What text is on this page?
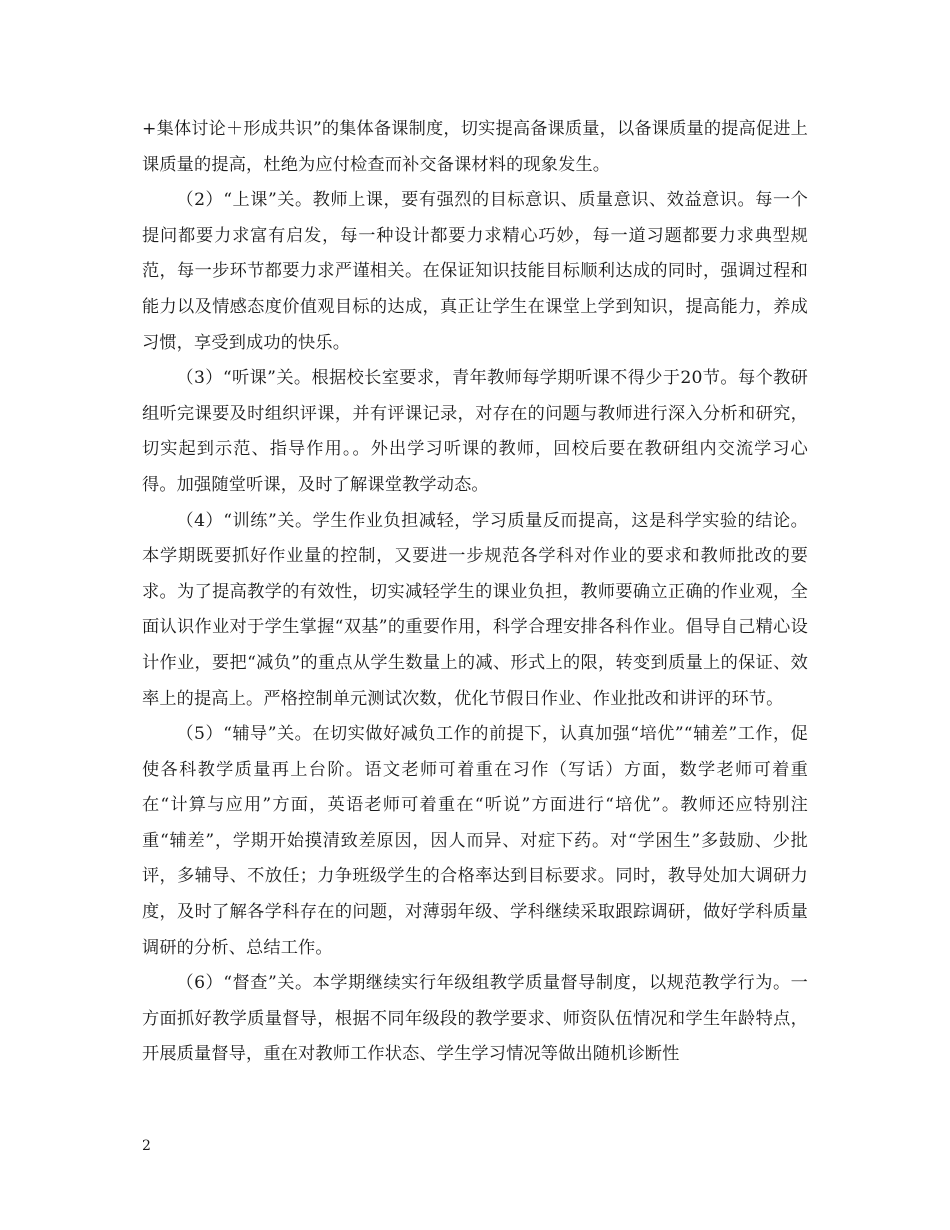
+集体讨论＋形成共识”的集体备课制度，切实提高备课质量，以备课质量的提高促进上课质量的提高，杜绝为应付检查而补交备课材料的现象发生。

（2）“上课”关。教师上课，要有强烈的目标意识、质量意识、效益意识。每一个提问都要力求富有启发，每一种设计都要力求精心巧妙，每一道习题都要力求典型规范，每一步环节都要力求严谨相关。在保证知识技能目标顺利达成的同时，强调过程和能力以及情感态度价值观目标的达成，真正让学生在课堂上学到知识，提高能力，养成习惯，享受到成功的快乐。

（3）“听课”关。根据校长室要求，青年教师每学期听课不得少于20节。每个教研组听完课要及时组织评课，并有评课记录，对存在的问题与教师进行深入分析和研究，切实起到示范、指导作用。。外出学习听课的教师，回校后要在教研组内交流学习心得。加强随堂听课，及时了解课堂教学动态。

（4）“训练”关。学生作业负担减轻，学习质量反而提高，这是科学实验的结论。本学期既要抓好作业量的控制，又要进一步规范各学科对作业的要求和教师批改的要求。为了提高教学的有效性，切实减轻学生的课业负担，教师要确立正确的作业观，全面认识作业对于学生掌握“双基”的重要作用，科学合理安排各科作业。倡导自己精心设计作业，要把“减负”的重点从学生数量上的减、形式上的限，转变到质量上的保证、效率上的提高上。严格控制单元测试次数，优化节假日作业、作业批改和讲评的环节。

（5）“辅导”关。在切实做好减负工作的前提下，认真加强“培优”“辅差”工作，促使各科教学质量再上台阶。语文老师可着重在习作（写话）方面，数学老师可着重在“计算与应用”方面，英语老师可着重在“听说”方面进行“培优”。教师还应特别注重“辅差”，学期开始摸清致差原因，因人而异、对症下药。对“学困生”多鼓励、少批评，多辅导、不放任；力争班级学生的合格率达到目标要求。同时，教导处加大调研力度，及时了解各学科存在的问题，对薄弱年级、学科继续采取跟踪调研，做好学科质量调研的分析、总结工作。

（6）“督查”关。本学期继续实行年级组教学质量督导制度，以规范教学行为。一方面抓好教学质量督导，根据不同年级段的教学要求、师资队伍情况和学生年龄特点，开展质量督导，重在对教师工作状态、学生学习情况等做出随机诊断性

2
